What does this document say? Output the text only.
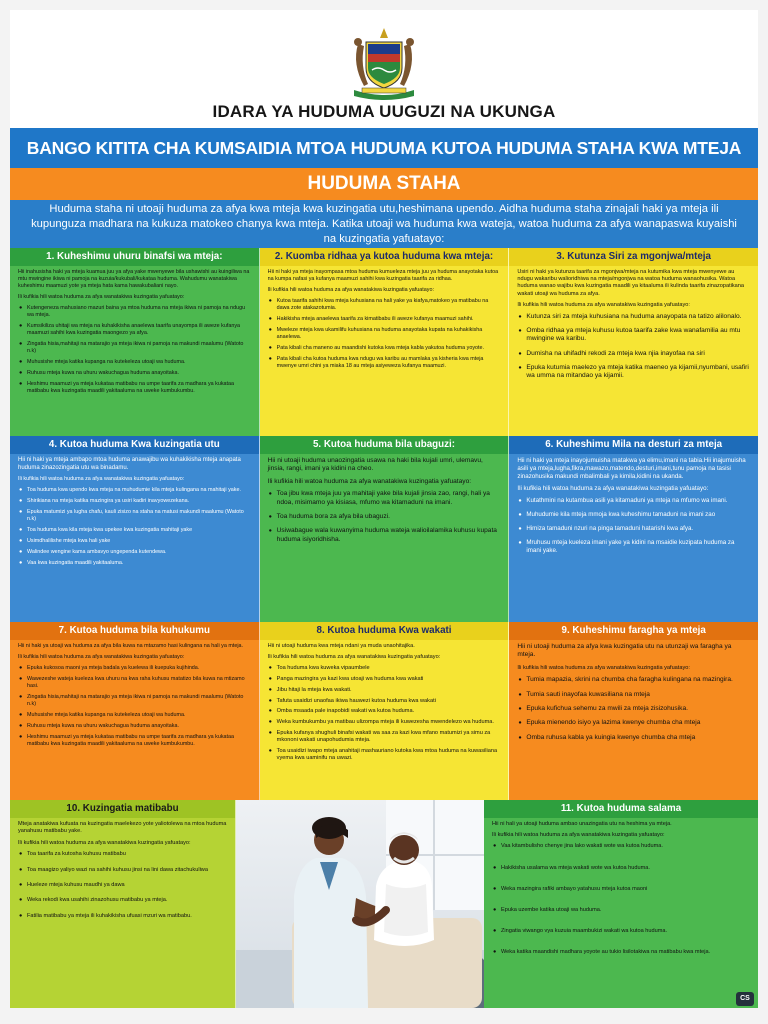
IDARA YA HUDUMA UUGUZI NA UKUNGA
BANGO KITITA CHA KUMSAIDIA MTOA HUDUMA KUTOA HUDUMA STAHA KWA MTEJA
HUDUMA STAHA
Huduma staha ni utoaji huduma za afya kwa mteja kwa kuzingatia utu,heshimana upendo. Aidha huduma staha zinajali haki ya mteja ili kupunguza madhara na kukuza matokeo chanya kwa mteja. Katika utoaji wa huduma kwa wateja, watoa huduma za afya wanapaswa kuyaishi na kuzingatia yafuatayo:
1. Kuheshimu uhuru binafsi wa mteja:

Hii inahusisha haki ya mteja kuamua juu ya afya yake mwenyewe bila ushawishi au kuingiliwa na mtu mwingine ikiwa ni pamoja na kuzuia/kukubali/kukataa huduma. Wahudumu wanatakiwa kuheshimu maamuzi yote ya mteja hata kama hawakubaliani nayo.

Ili kufikia hili watoa huduma za afya wanatakiwa kuzingatia yafuatayo:

● Kutengeneza mahusiano mazuri baina ya mtoa huduma na mteja ikiwa ni pamoja na ndugu wa mteja.
● Kumsikiliza uhitaji wa mteja na kuhakikisha anaelewa taarifa unayompa ili aweze kufanya maamuzi sahihi kwa kuzingatia maongezo ya afya.
● Zingatia hisia,mahitaji na matarajio ya mteja ikiwa ni pamoja na makundi maalumu (Watoto n.k)
● Muhusishe mteja katika kupanga na kutekeleza utoaji wa huduma.
● Ruhusu mteja kuwa na uhuru wakuchagua huduma anayoitaka.
● Heshimu maamuzi ya mteja kukataa matibabu na umpe taarifa za madhara ya kukataa matibabu kwa kuzingatia maadili yakitaaluma na uweke kumbukumbu.
2. Kuomba ridhaa ya kutoa huduma kwa mteja:

Hii ni haki ya mteja inayompasa mtoa huduma kumueleza mteja juu ya huduma anayotaka kutoa na kumpa nafasi ya kufanya maamuzi sahihi kwa kuzingatia taarifa za ridhaa.

Ili kufikia hili watoa huduma za afya wanatakiwa kuzingatia yafuatayo:

● Kutoa taarifa sahihi kwa mteja kuhusiana na hali yake ya kiafya,matokeo ya matibabu na dawa zote atakazotumia.
● Hakikisha mteja anaelewa taarifa za kimatibabu ili aweze kufanya maamuzi sahihi.
● Mweleze mteja kwa ukamilifu kuhusiana na huduma anayotaka kupata na kuhakikisha anaelewa.
● Pata kibali cha maneno au maandishi kutoka kwa mteja kabla yakutoa huduma yoyote.
● Pata kibali cha kutoa huduma kwa ndugu wa karibu au mamlaka ya kisheria kwa mteja mwenye umri chini ya miaka 18 au mteja asiyeweza kufanya maamuzi.
3. Kutunza Siri za mgonjwa/mteja

Usiri ni haki ya kutunza taarifa za mgonjwa/mteja na kutumika kwa mteja mwenyewe au ndugu wakaribu walioridhiwa na mteja/mgonjwa na watoa huduma wanaohusika. Watoa huduma wanao wajibu kwa kuzingatia maadili ya kitaaluma ili kulinda taarifa zinazopatikana wakati utoaji wa huduma za afya.

Ili kufikia hili watoa huduma za afya wanatakiwa kuzingatia yafuatayo:

● Kutunza siri za mteja kuhusiana na huduma anayopata na tatizo alilonalo.
● Omba ridhaa ya mteja kuhusu kutoa taarifa zake kwa wanafamilia au mtu mwingine wa karibu.
● Dumisha na uhifadhi rekodi za mteja kwa njia inayofaa na siri
● Epuka kutumia maelezo ya mteja katika maeneo ya kijamii,nyumbani, usafiri wa umma na mitandao ya kijamii.
4. Kutoa huduma Kwa kuzingatia utu

Hii ni haki ya mteja ambapo mtoa huduma anawajibu wa kuhakikisha mteja anapata huduma zinazozingatia utu wa binadamu.

Ili kufikia hili watoa huduma za afya wanatakiwa kuzingatia yafuatayo:

● Toa huduma kwa upendo kwa mteja na muhudumie kila mteja kulingana na mahitaji yake.
● Shirikiana na mteja katika mazingira ya usiri kadiri inavyowezekana.
● Epuka matumizi ya lugha chafu, kauli zisizo na staha na matusi makundi maalumu (Watoto n.k)
● Toa huduma kwa kila mteja kwa upekee kwa kuzingatia mahitaji yake
● Usimdhalilishe mteja kwa hali yake
● Walindee wengine kama ambavyo ungependa kutendewa.
● Vaa kwa kuzingatia maadili yakitaaluma.
5. Kutoa huduma bila ubaguzi:

Hii ni utoaji huduma unaozingatia usawa na haki bila kujali umri, ulemavu, jinsia, rangi, imani ya kidini na cheo.

Ili kufikia hili watoa huduma za afya wanatakiwa kuzingatia yafuatayo:

● Toa jibu kwa mteja juu ya mahitaji yake bila kujali jinsia zao, rangi, hali ya ndoa, misimamo ya kisiasa, mfumo wa kitamaduni na imani.
● Toa huduma bora za afya bila ubaguzi.
● Usiwabague wala kuwanyima huduma wateja walioilalamika kuhusu kupata huduma isiyoridhisha.
6. Kuheshimu Mila na desturi za mteja

Hii ni haki ya mteja inayojumuisha matakwa ya elimu,imani na tabia.Hii inajumuisha asili ya mteja,lugha,fikra,mawazo,matendo,desturi,imani,tunu pamoja na tasisi zinazohusika makundi mbalimbali ya kimila,kidini na ukanda.

Ili kufikia hili watoa huduma za afya wanatakiwa kuzingatia yafuatayo:

● Kutathmini na kutambua asili ya kitamaduni ya mteja na mfumo wa imani.
● Muhudumie kila mteja mmoja kwa kuheshimu tamaduni na imani zao
● Himiza tamaduni nzuri na pinga tamaduni hatarishi kwa afya.
● Mruhusu mteja kueleza imani yake ya kidini na msaidie kuzipata huduma za imani yake.
7. Kutoa huduma bila kuhukumu

Hii ni haki ya utoaji wa huduma za afya bila kuwa na mtazamo hasi kulingana na hali ya mteja.

Ili kufikia hili watoa huduma za afya wanatakiwa kuzingatia yafuatayo:

● Epuka kukosoa maoni ya mteja badala ya kuelewa ili kuepuka kujihinda.
● Wawezeshe wateja kueleza kwa uhuru na kwa raha kuhusu matatizo bila kuwa na mtizamo hasi.
● Zingatia hisia,mahitaji na matarajio ya mteja ikiwa ni pamoja na makundi maalumu (Watoto n.k)
● Muhusishe mteja katika kupanga na kutekeleza utoaji wa huduma.
● Ruhusu mteja kuwa na uhuru wakuchagua huduma anayoitaka.
● Heshimu maamuzi ya mteja kukataa matibabu na umpe taarifa za madhara ya kukataa matibabu kwa kuzingatia maadili yakitaaluma na uweke kumbukumbu.
8. Kutoa huduma Kwa wakati

Hii ni utoaji huduma kwa mteja ndani ya muda unaohitajika.

Ili kufikia hili watoa huduma za afya wanatakiwa kuzingatia yafuatayo:

● Toa huduma kwa kuweka vipaumbele
● Panga mazingira ya kazi kwa utoaji wa huduma kwa wakati
● Jibu hitaji la mteja kwa wakati.
● Tafuta usaidizi unaofaa ikiwa hauwezi kutoa huduma kwa wakati
● Omba msaada pale inapobidi wakati wa kutoa huduma.
● Weka kumbukumbu ya matibau ulizompa mteja ili kuwezesha mwendelezo wa huduma.
● Epuka kufanya shughuli binafsi wakati wa saa za kazi kwa mfano matumizi ya simu za mkononi wakati unapohudumia mteja.
● Toa usaidizi iwapo mteja anahitaji mashauriano kutoka kwa mtoa huduma na kuwasiliana vyema kwa uaminifu na uwazi.
9. Kuheshimu faragha ya mteja

Hii ni utoaji huduma za afya kwa kuzingatia utu na utunzaji wa faragha ya mteja.

Ili kufikia hili watoa huduma za afya wanatakiwa kuzingatia yafuatayo:

● Tumia mapazia, skrini na chumba cha faragha kulingana na mazingira.
● Tumia sauti inayofaa kuwasiliana na mteja
● Epuka kufichua sehemu za mwili za mteja zisizohusika.
● Epuka mienendo isiyo ya lazima kwenye chumba cha mteja
● Omba ruhusa kabla ya kuingia kwenye chumba cha mteja
10. Kuzingatia matibabu

Mteja anatakiwa kufuata na kuzingatia maelekezo yote yaliotolewa na mtoa huduma yanahusu matibabu yake.

Ili kufikia hili watoa huduma za afya wanatakiwa kuzingatia yafuatayo:

● Toa taarifa za kutosha kuhusu matibabu
● Toa maagizo yaliyo wazi na sahihi kuhusu jinsi na lini dawa zitachukuliwa
● Hueleze mteja kuhusu maudhi ya dawa
● Weka rekodi kwa usahihi zinazohusu matibabu ya mteja.
● Fatilia matibabu ya mteja ili kuhakikisha ufuasi mzuri wa matibabu.
11. Kutoa huduma salama

Hii ni hali ya utoaji huduma ambao unazingatia utu na heshima ya mteja.

Ili kufikia hili watoa huduma za afya wanatakiwa kuzingatia yafuatayo:

● Vaa kitambulisho chenye jina lako wakati wote wa kutoa huduma.
● Hakikisha usalama wa mteja wakati wote wa kutoa huduma.
● Weka mazingira rafiki ambayo yatahusu mteja kutoa maoni
● Epuka uzembe katika utoaji wa huduma.
● Zingatia viwango vya kuzuia maambukizi wakati wa kutoa huduma.
● Weka katika maandishi madhara yoyote au tukio lisilotakiwa na matibabu kwa mteja.
CS
